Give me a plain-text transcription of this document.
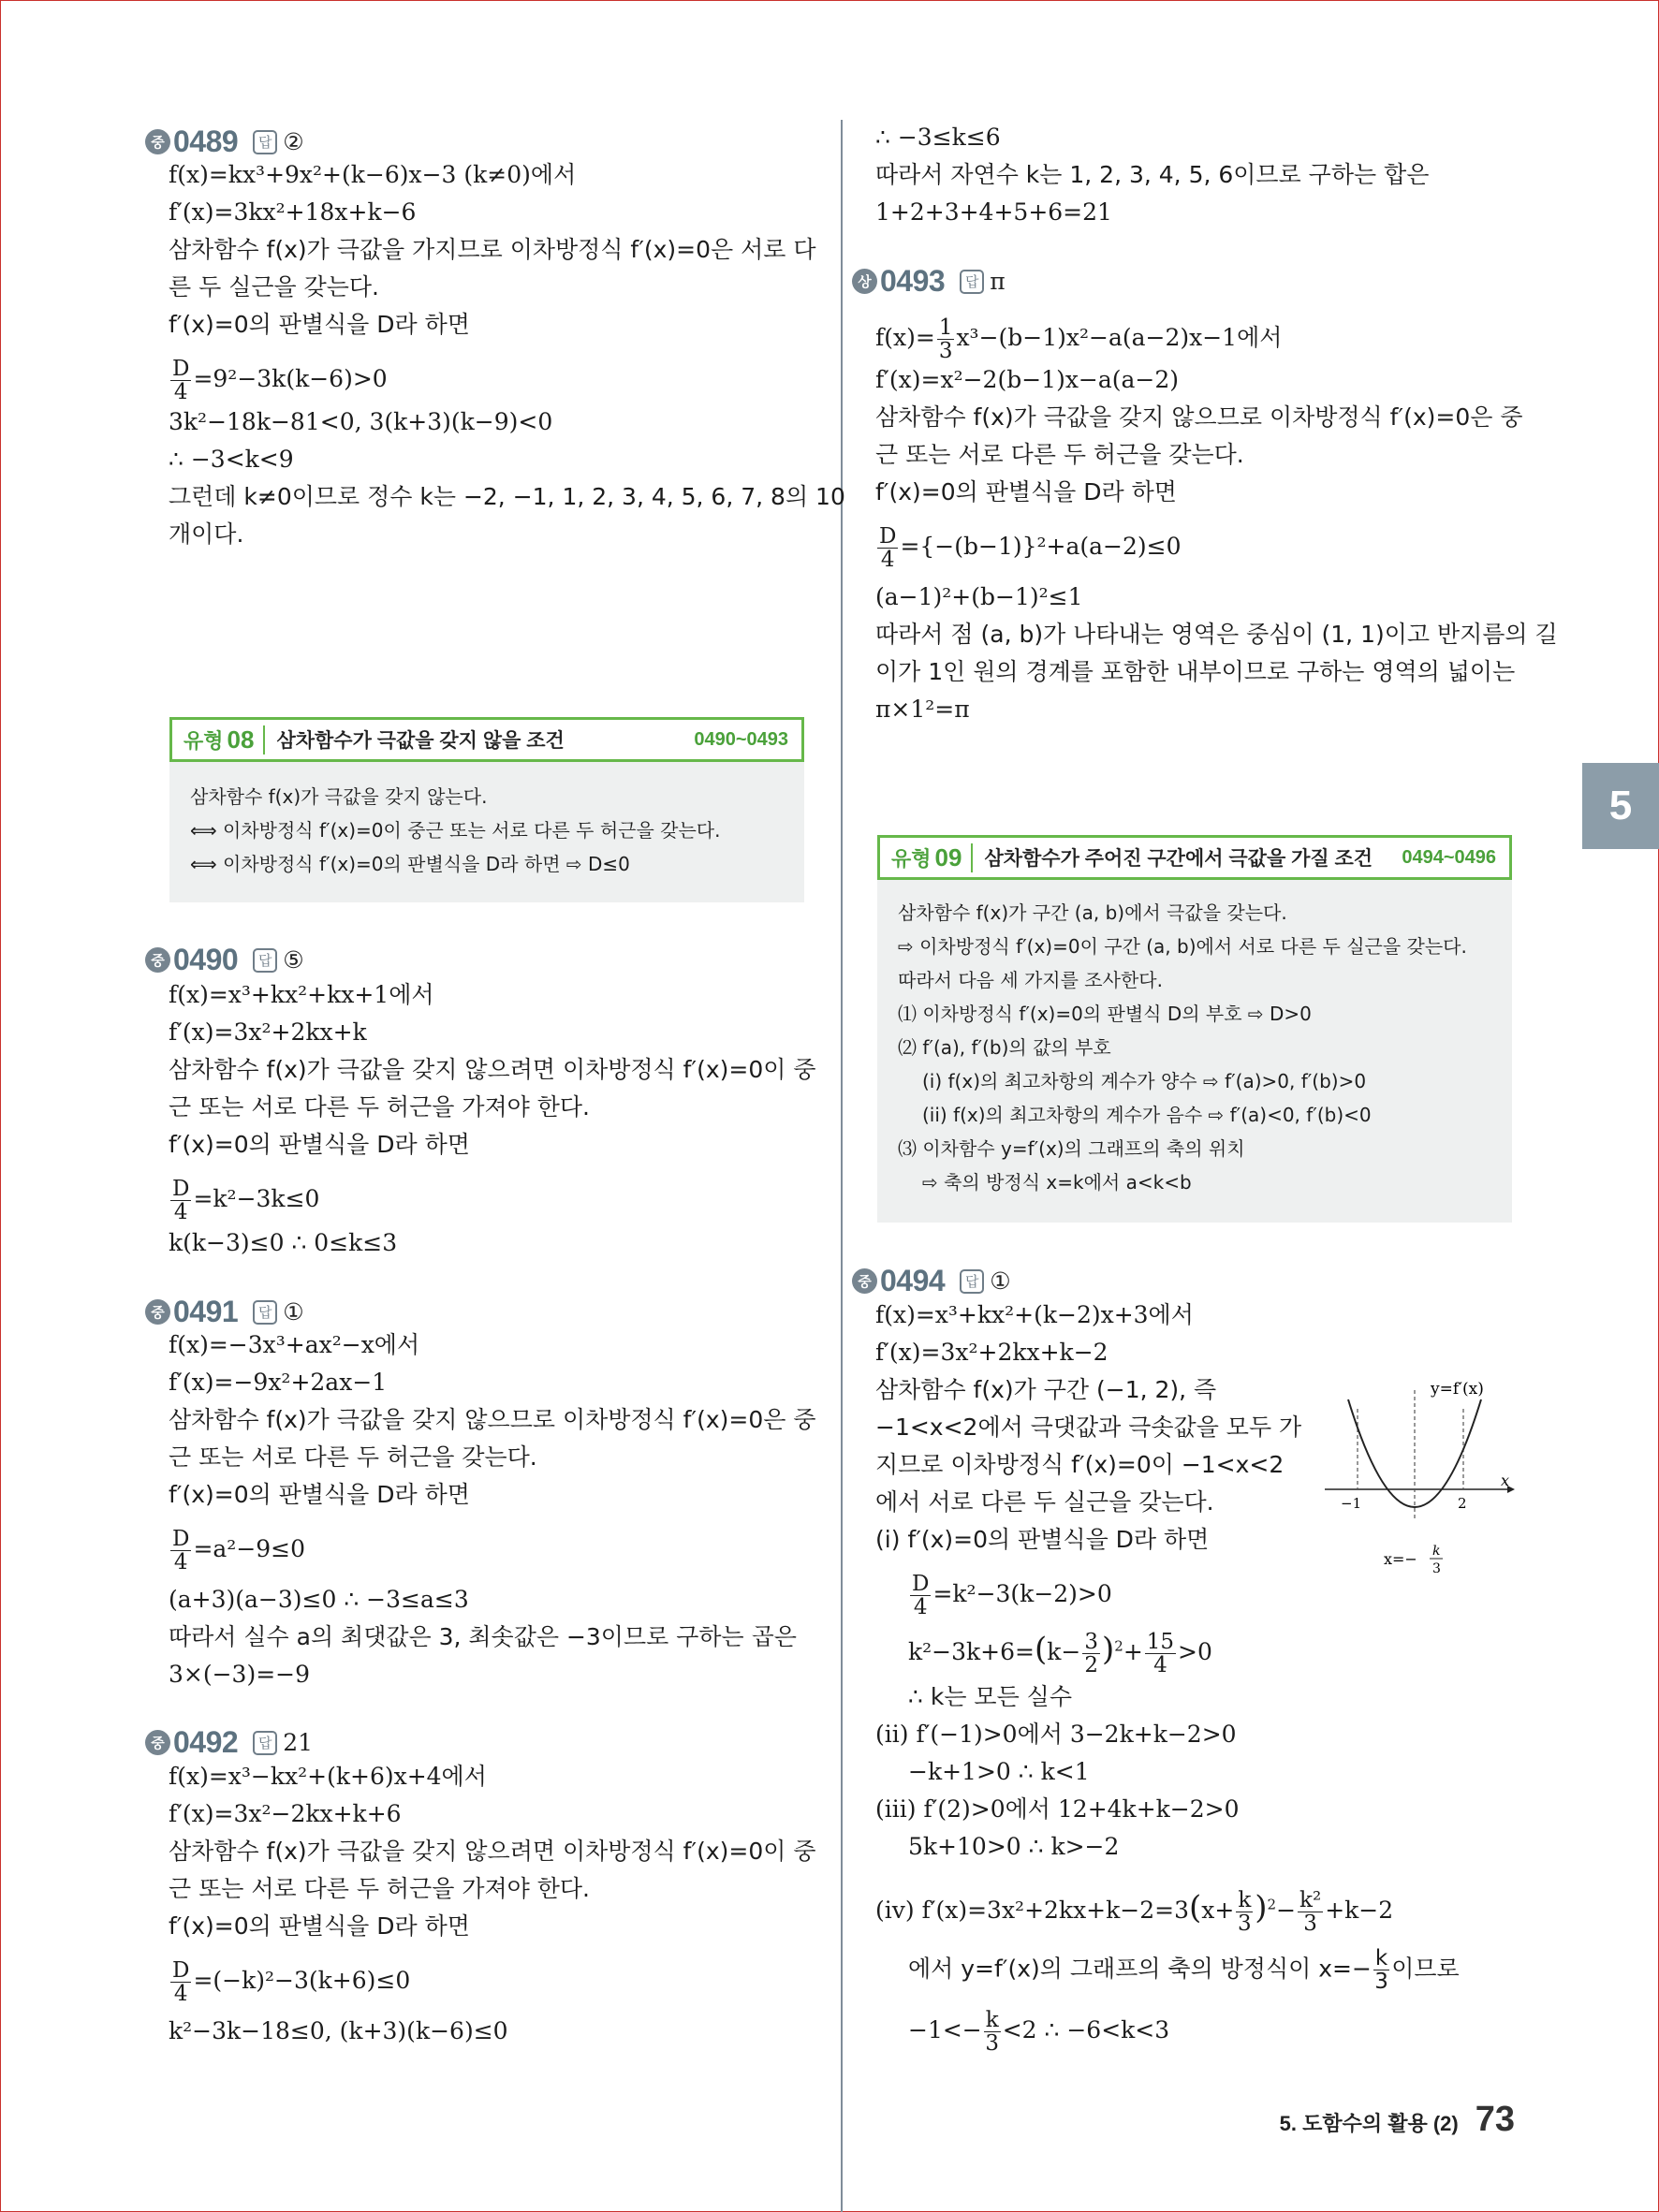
5
중 0489	답 ②
f(x)=kx³+9x²+(k−6)x−3 (k≠0)에서
f′(x)=3kx²+18x+k−6
삼차함수 f(x)가 극값을 가지므로 이차방정식 f′(x)=0은 서로 다
른 두 실근을 갖는다.
f′(x)=0의 판별식을 D라 하면
$\frac{D}{4} =9^2-3k(k-6)>0$
3k²−18k−81<0, 3(k+3)(k−9)<0
∴ −3<k<9
그런데 k≠0이므로 정수 k는 −2, −1, 1, 2, 3, 4, 5, 6, 7, 8의 10
개이다.
유형 08	삼차함수가 극값을 갖지 않을 조건	0490~0493
삼차함수 f(x)가 극값을 갖지 않는다.
⟺ 이차방정식 f′(x)=0이 중근 또는 서로 다른 두 허근을 갖는다.
⟺ 이차방정식 f′(x)=0의 판별식을 D라 하면 ⇨ D≤0
중 0490	답 ⑤
f(x)=x³+kx²+kx+1에서
f′(x)=3x²+2kx+k
삼차함수 f(x)가 극값을 갖지 않으려면 이차방정식 f′(x)=0이 중
근 또는 서로 다른 두 허근을 가져야 한다.
f′(x)=0의 판별식을 D라 하면
$\frac{D}{4} =k^2-3k\le 0$
k(k−3)≤0 ∴ 0≤k≤3
중 0491	답 ①
f(x)=−3x³+ax²−x에서
f′(x)=−9x²+2ax−1
삼차함수 f(x)가 극값을 갖지 않으므로 이차방정식 f′(x)=0은 중
근 또는 서로 다른 두 허근을 갖는다.
f′(x)=0의 판별식을 D라 하면
$\frac{D}{4} =a^2-9\le 0$
(a+3)(a−3)≤0 ∴ −3≤a≤3
따라서 실수 a의 최댓값은 3, 최솟값은 −3이므로 구하는 곱은
3×(−3)=−9
중 0492	답 21
f(x)=x³−kx²+(k+6)x+4에서
f′(x)=3x²−2kx+k+6
삼차함수 f(x)가 극값을 갖지 않으려면 이차방정식 f′(x)=0이 중
근 또는 서로 다른 두 허근을 가져야 한다.
f′(x)=0의 판별식을 D라 하면
$\frac{D}{4} =(-k)^2-3(k+6)\le 0$
k²−3k−18≤0, (k+3)(k−6)≤0
∴ −3≤k≤6
따라서 자연수 k는 1, 2, 3, 4, 5, 6이므로 구하는 합은
1+2+3+4+5+6=21
상 0493	답 π
$f(x)= \frac{1}{3} x^3-(b-1)x^2-a(a-2)x-1$에서
f′(x)=x²−2(b−1)x−a(a−2)
삼차함수 f(x)가 극값을 갖지 않으므로 이차방정식 f′(x)=0은 중
근 또는 서로 다른 두 허근을 갖는다.
f′(x)=0의 판별식을 D라 하면
$\frac{D}{4} =\{-(b-1)\}^2+a(a-2)\le 0$
(a−1)²+(b−1)²≤1
따라서 점 (a, b)가 나타내는 영역은 중심이 (1, 1)이고 반지름의 길
이가 1인 원의 경계를 포함한 내부이므로 구하는 영역의 넓이는
π×1²=π
유형 09	삼차함수가 주어진 구간에서 극값을 가질 조건	0494~0496
삼차함수 f(x)가 구간 (a, b)에서 극값을 갖는다.
⇨ 이차방정식 f′(x)=0이 구간 (a, b)에서 서로 다른 두 실근을 갖는다.
따라서 다음 세 가지를 조사한다.
⑴ 이차방정식 f′(x)=0의 판별식 D의 부호 ⇨ D>0
⑵ f′(a), f′(b)의 값의 부호
(i) f(x)의 최고차항의 계수가 양수 ⇨ f′(a)>0, f′(b)>0
(ii) f(x)의 최고차항의 계수가 음수 ⇨ f′(a)<0, f′(b)<0
⑶ 이차함수 y=f′(x)의 그래프의 축의 위치
⇨ 축의 방정식 x=k에서 a<k<b
중 0494	답 ①
f(x)=x³+kx²+(k−2)x+3에서
f′(x)=3x²+2kx+k−2
삼차함수 f(x)가 구간 (−1, 2), 즉
−1<x<2에서 극댓값과 극솟값을 모두 가
지므로 이차방정식 f′(x)=0이 −1<x<2
에서 서로 다른 두 실근을 갖는다.
(i) f′(x)=0의 판별식을 D라 하면
$\frac{D}{4} =k^2-3(k-2)>0$
$k^2-3k+6=(k- \frac{3}{2} )^2+ \frac{15}{4} >0$
∴ k는 모든 실수
(ii) f′(−1)>0에서 3−2k+k−2>0
−k+1>0 ∴ k<1
(iii) f′(2)>0에서 12+4k+k−2>0
5k+10>0 ∴ k>−2
(iv) $f'(x)=3x^2+2kx+k-2=3(x+ \frac{k}{3} )^2- \frac{\text{k²}}{3} +k-2$
에서 y=f′(x)의 그래프의 축의 방정식이 $x=- \frac{k}{3}$ 이므로
$-1<- \frac{k}{3} <2$ ∴ −6<k<3
y=f′(x)
x
−1	2
x=− k
3
5. 도함수의 활용 (2) 73
